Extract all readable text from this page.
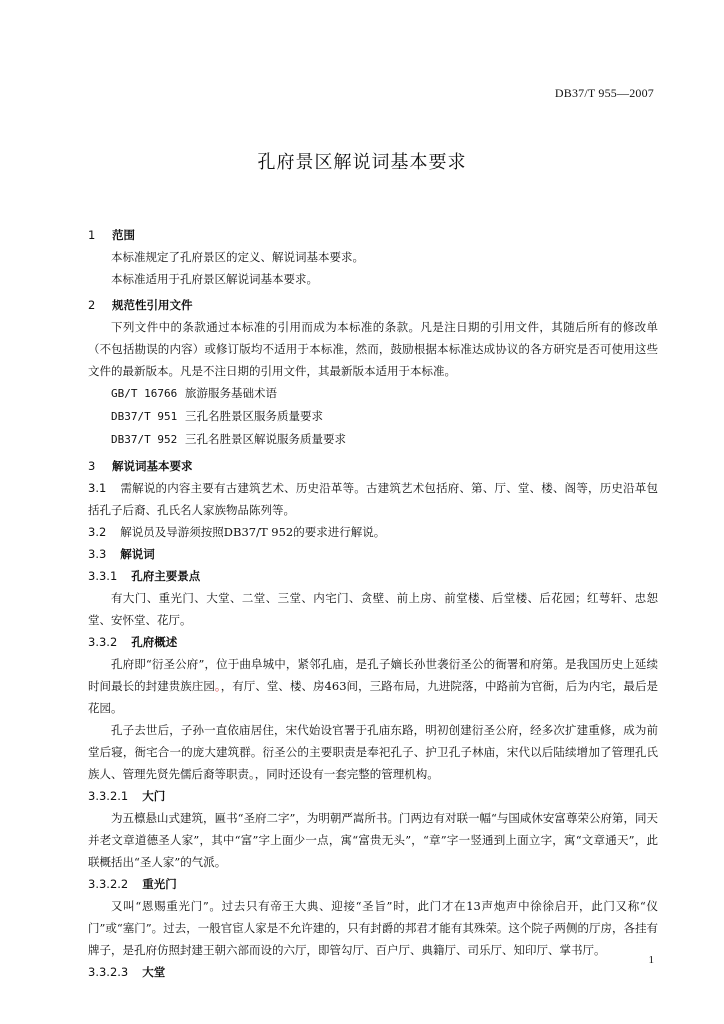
DB37/T 955—2007
孔府景区解说词基本要求
1 范围
本标准规定了孔府景区的定义、解说词基本要求。
本标准适用于孔府景区解说词基本要求。
2 规范性引用文件
下列文件中的条款通过本标准的引用而成为本标准的条款。凡是注日期的引用文件，其随后所有的修改单（不包括勘误的内容）或修订版均不适用于本标准，然而，鼓励根据本标准达成协议的各方研究是否可使用这些文件的最新版本。凡是不注日期的引用文件，其最新版本适用于本标准。
GB/T 16766 旅游服务基础术语
DB37/T 951 三孔名胜景区服务质量要求
DB37/T 952 三孔名胜景区解说服务质量要求
3 解说词基本要求
3.1 需解说的内容主要有古建筑艺术、历史沿革等。古建筑艺术包括府、第、厅、堂、楼、阁等，历史沿革包括孔子后裔、孔氏名人家族物品陈列等。
3.2 解说员及导游须按照DB37/T 952的要求进行解说。
3.3 解说词
3.3.1 孔府主要景点
有大门、重光门、大堂、二堂、三堂、内宅门、贪壁、前上房、前堂楼、后堂楼、后花园；红萼轩、忠恕堂、安怀堂、花厅。
3.3.2 孔府概述
孔府即“衍圣公府”，位于曲阜城中，紧邻孔庙，是孔子嫡长孙世袭衍圣公的衙署和府第。是我国历史上延续时间最长的封建贵族庄园。，有厅、堂、楼、房463间，三路布局，九进院落，中路前为官衙，后为内宅，最后是花园。
孔子去世后，子孙一直依庙居住，宋代始设官署于孔庙东路，明初创建衍圣公府，经多次扩建重修，成为前堂后寝，衙宅合一的庞大建筑群。衍圣公的主要职责是奉祀孔子、护卫孔子林庙，宋代以后陆续增加了管理孔氏族人、管理先贤先儒后裔等职责。，同时还设有一套完整的管理机构。
3.3.2.1 大门
为五檩悬山式建筑，匾书“圣府二字”，为明朝严嵩所书。门两边有对联一幅“与国咸休安富尊荣公府第，同天并老文章道德圣人家”，其中“富”字上面少一点，寓“富贵无头”，“章”字一竖通到上面立字，寓“文章通天”，此联概括出“圣人家”的气派。
3.3.2.2 重光门
又叫“恩赐重光门”。过去只有帝王大典、迎接“圣旨”时，此门才在13声炮声中徐徐启开，此门又称“仪门”或“塞门”。过去，一般官宦人家是不允许建的，只有封爵的邦君才能有其殊荣。这个院子两侧的厅房，各挂有牌子，是孔府仿照封建王朝六部而设的六厅，即管勾厅、百户厅、典籍厅、司乐厅、知印厅、掌书厅。
3.3.2.3 大堂
1
